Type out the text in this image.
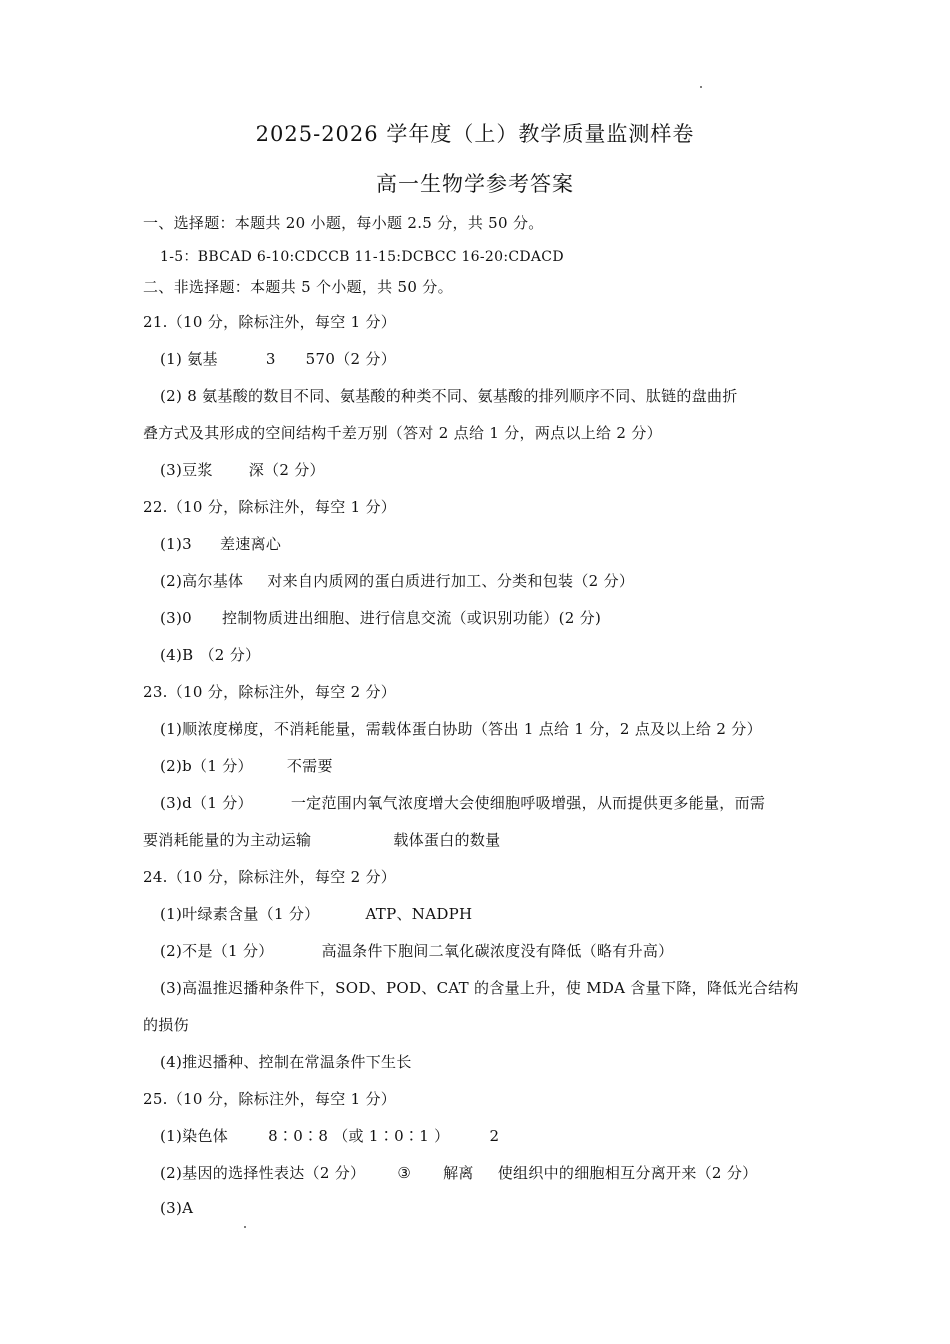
2025-2026 学年度（上）教学质量监测样卷
高一生物学参考答案
一、选择题：本题共 20 小题，每小题 2.5 分，共 50 分。
1-5：BBCAD 6-10:CDCCB 11-15:DCBCC 16-20:CDACD
二、非选择题：本题共 5 个小题，共 50 分。
21.（10 分，除标注外，每空 1 分）
(1) 氨基	3 570（2 分）
(2) 8 氨基酸的数目不同、氨基酸的种类不同、氨基酸的排列顺序不同、肽链的盘曲折
叠方式及其形成的空间结构千差万别（答对 2 点给 1 分，两点以上给 2 分）
(3)豆浆 深（2 分）
22.（10 分，除标注外，每空 1 分）
(1)3 差速离心
(2)高尔基体 对来自内质网的蛋白质进行加工、分类和包装（2 分）
(3)0 控制物质进出细胞、进行信息交流（或识别功能）(2 分)
(4)B （2 分）
23.（10 分，除标注外，每空 2 分）
(1)顺浓度梯度，不消耗能量，需载体蛋白协助（答出 1 点给 1 分，2 点及以上给 2 分）
(2)b（1 分） 不需要
(3)d（1 分）	一定范围内氧气浓度增大会使细胞呼吸增强，从而提供更多能量，而需
要消耗能量的为主动运输	载体蛋白的数量
24.（10 分，除标注外，每空 2 分）
(1)叶绿素含量（1 分）	ATP、NADPH
(2)不是（1 分）	高温条件下胞间二氧化碳浓度没有降低（略有升高）
(3)高温推迟播种条件下，SOD、POD、CAT 的含量上升，使 MDA 含量下降，降低光合结构
的损伤
(4)推迟播种、控制在常温条件下生长
25.（10 分，除标注外，每空 1 分）
(1)染色体	8∶0∶8 （或 1∶0∶1 ）	2
(2)基因的选择性表达（2 分） ③ 解离 使组织中的细胞相互分离开来（2 分）
(3)A
